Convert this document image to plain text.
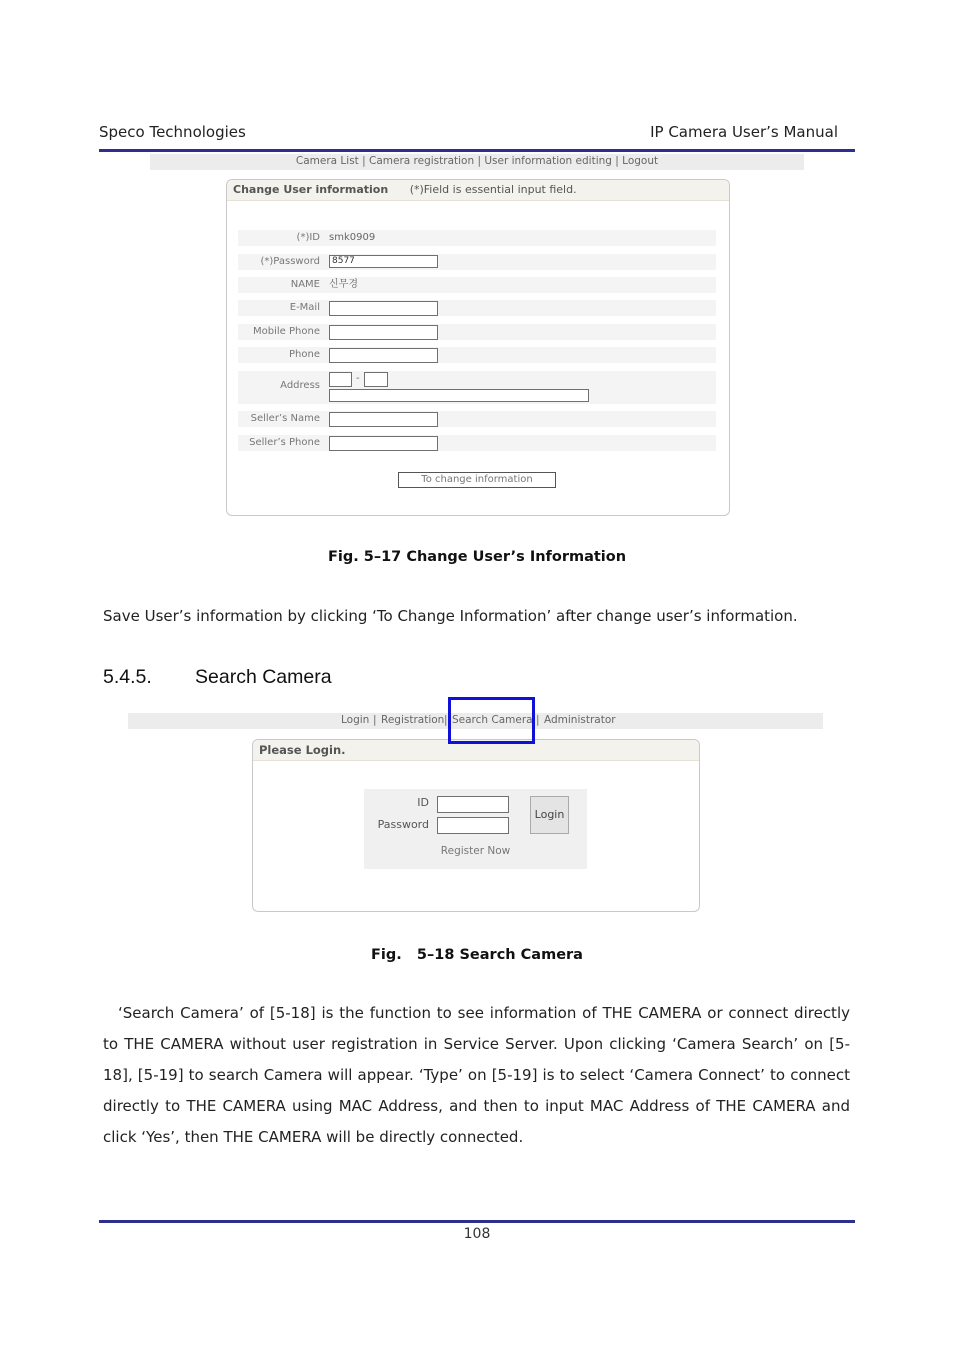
Speco Technologies	IP Camera User’s Manual
Camera List | Camera registration | User information editing | Logout
Change User information (*)Field is essential input field.
(*)ID smk0909
(*)Password	8577
NAME 신무경
E-Mail
Mobile Phone
Phone
Address
-
Seller’s Name
Seller’s Phone
To change information
Fig. 5–17 Change User’s Information
Save User’s information by clicking ‘To Change Information’ after change user’s information.
5.4.5. Search Camera
Login | Registration | Search Camera | Administrator
Please Login.
ID
Password
Login
Register Now
Fig.   5–18 Search Camera
‘Search Camera’ of [5-18] is the function to see information of THE CAMERA or connect directly to THE CAMERA without user registration in Service Server. Upon clicking ‘Camera Search’ on [5-18], [5-19] to search Camera will appear. ‘Type’ on [5-19] is to select ‘Camera Connect’ to connect directly to THE CAMERA using MAC Address, and then to input MAC Address of THE CAMERA and click ‘Yes’, then THE CAMERA will be directly connected.
108
